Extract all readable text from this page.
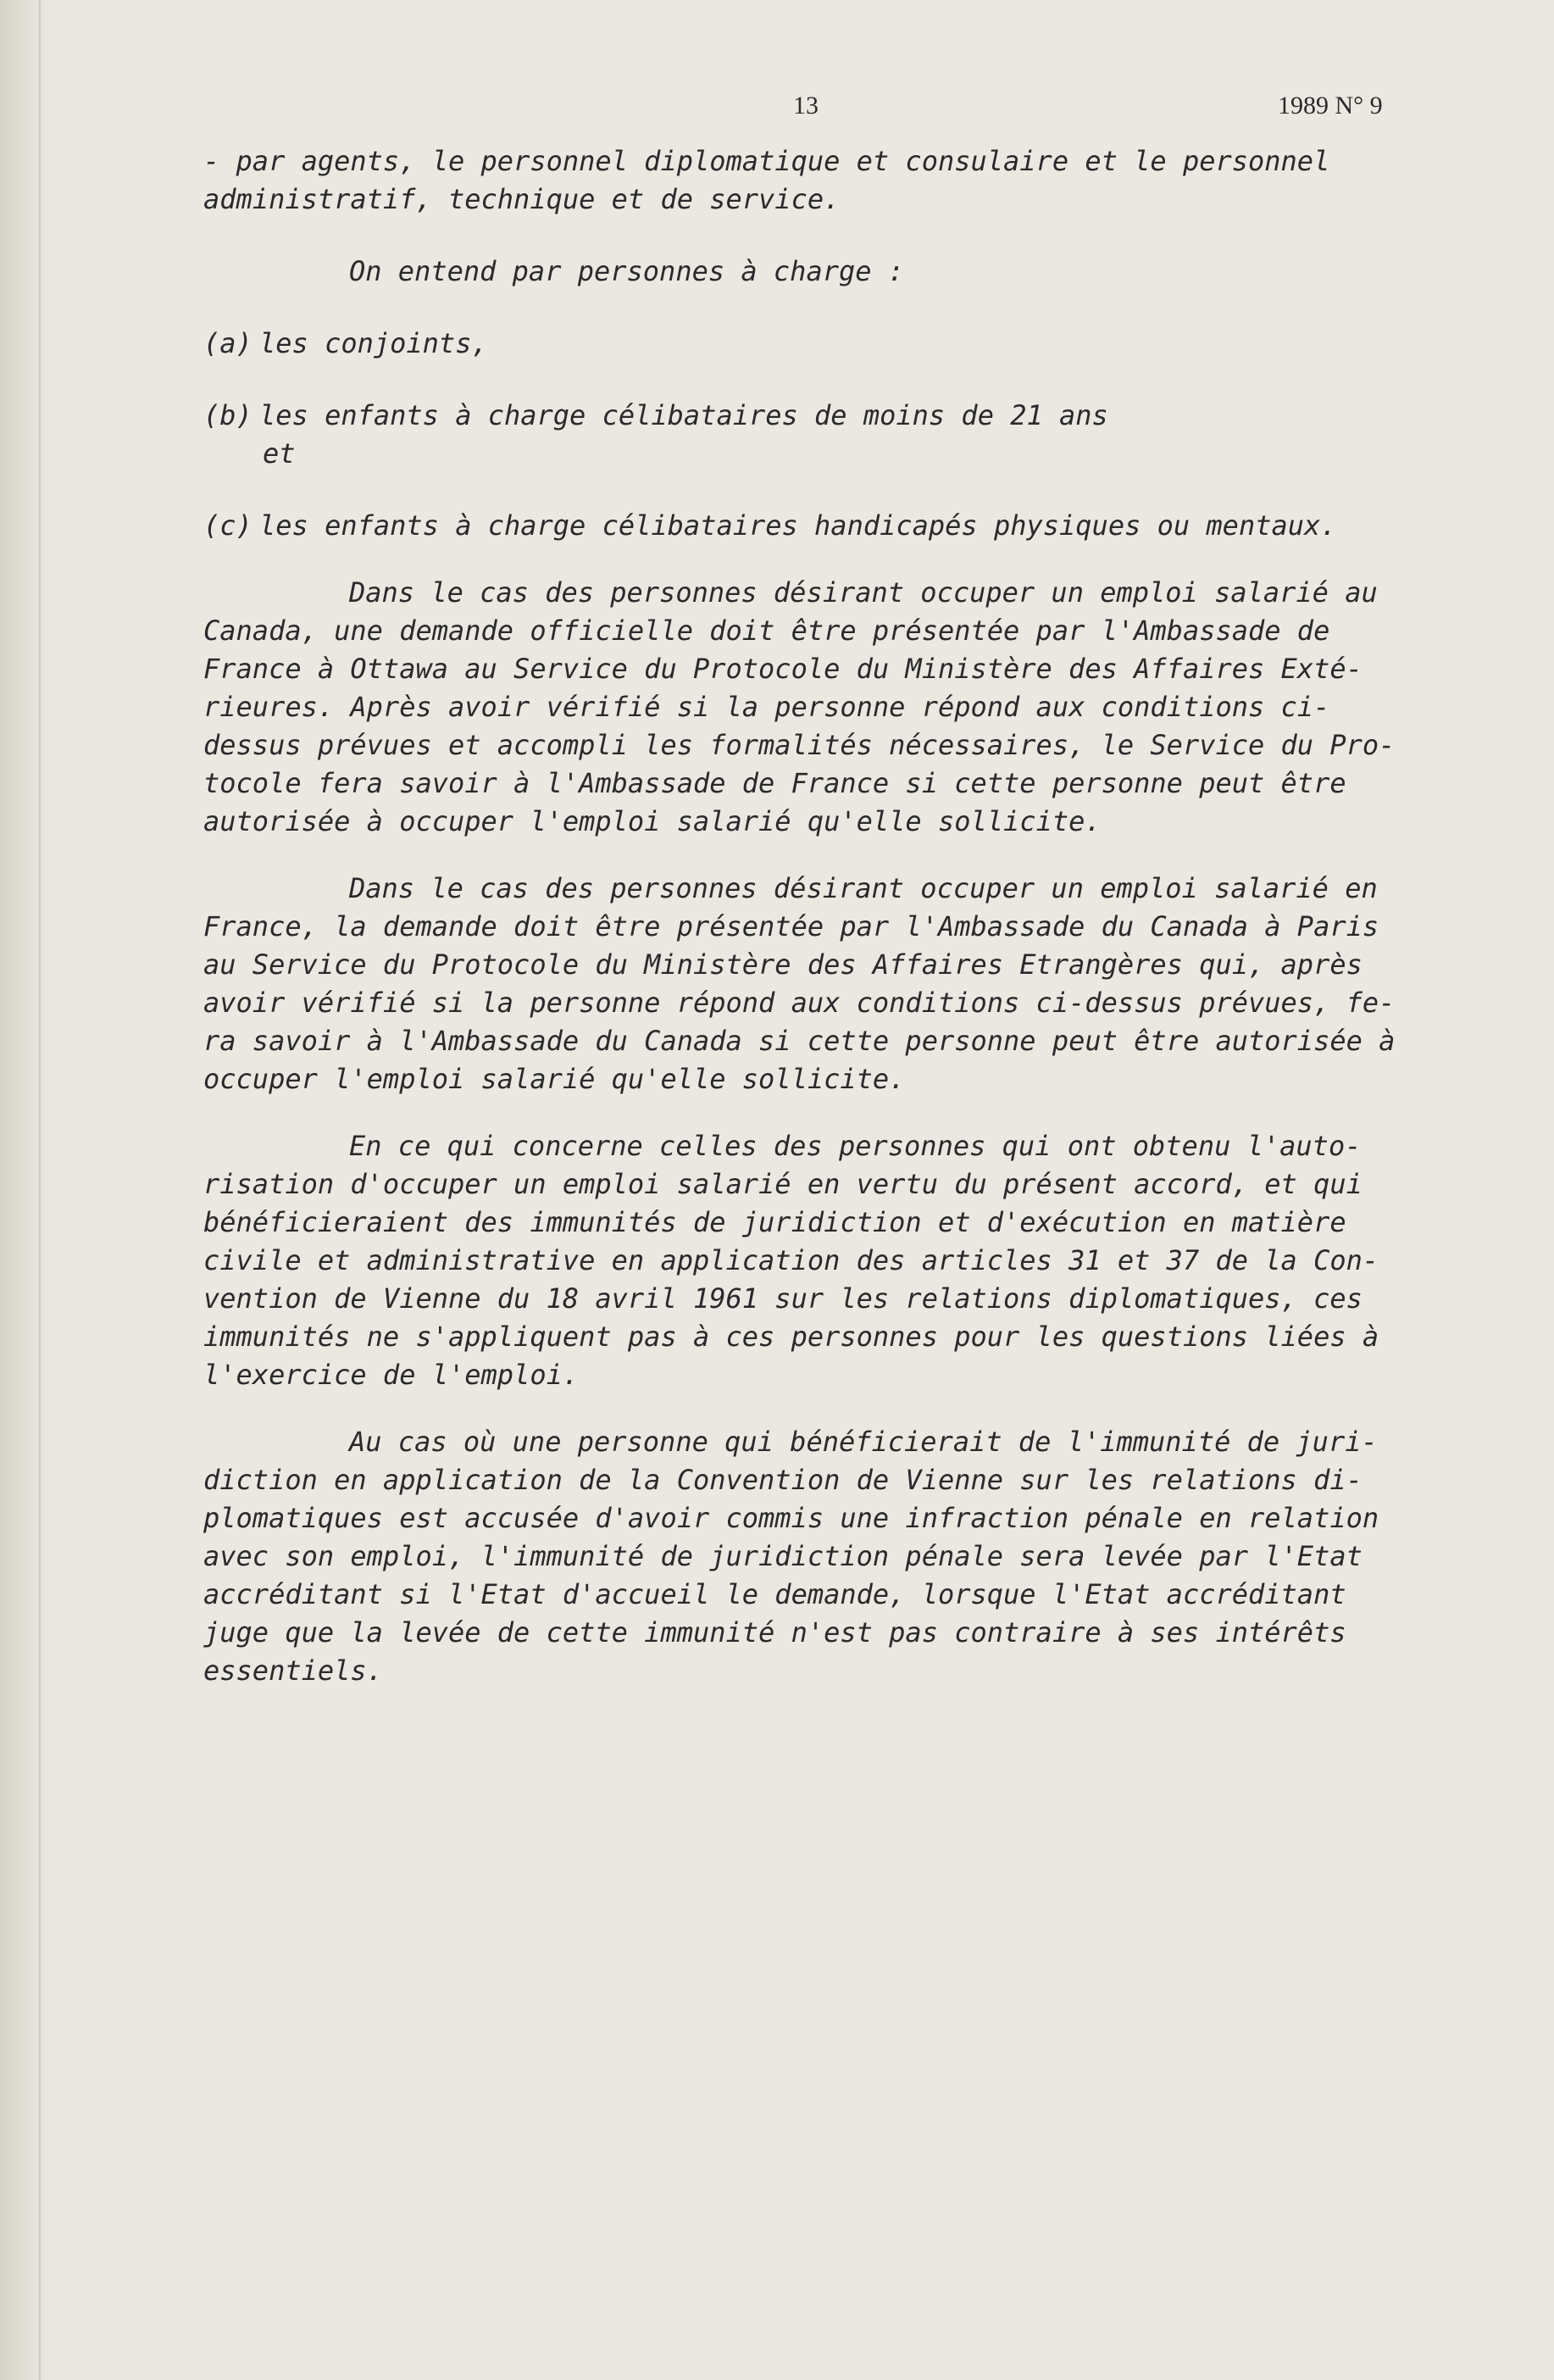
13	1989 N° 9
- par agents, le personnel diplomatique et consulaire et le personnel
administratif, technique et de service.
On entend par personnes à charge :
(a) les conjoints,
(b) les enfants à charge célibataires de moins de 21 ans
et
(c) les enfants à charge célibataires handicapés physiques ou mentaux.
Dans le cas des personnes désirant occuper un emploi salarié au
Canada, une demande officielle doit être présentée par l'Ambassade de
France à Ottawa au Service du Protocole du Ministère des Affaires Exté-
rieures. Après avoir vérifié si la personne répond aux conditions ci-
dessus prévues et accompli les formalités nécessaires, le Service du Pro-
tocole fera savoir à l'Ambassade de France si cette personne peut être
autorisée à occuper l'emploi salarié qu'elle sollicite.
Dans le cas des personnes désirant occuper un emploi salarié en
France, la demande doit être présentée par l'Ambassade du Canada à Paris
au Service du Protocole du Ministère des Affaires Etrangères qui, après
avoir vérifié si la personne répond aux conditions ci-dessus prévues, fe-
ra savoir à l'Ambassade du Canada si cette personne peut être autorisée à
occuper l'emploi salarié qu'elle sollicite.
En ce qui concerne celles des personnes qui ont obtenu l'auto-
risation d'occuper un emploi salarié en vertu du présent accord, et qui
bénéficieraient des immunités de juridiction et d'exécution en matière
civile et administrative en application des articles 31 et 37 de la Con-
vention de Vienne du 18 avril 1961 sur les relations diplomatiques, ces
immunités ne s'appliquent pas à ces personnes pour les questions liées à
l'exercice de l'emploi.
Au cas où une personne qui bénéficierait de l'immunité de juri-
diction en application de la Convention de Vienne sur les relations di-
plomatiques est accusée d'avoir commis une infraction pénale en relation
avec son emploi, l'immunité de juridiction pénale sera levée par l'Etat
accréditant si l'Etat d'accueil le demande, lorsque l'Etat accréditant
juge que la levée de cette immunité n'est pas contraire à ses intérêts
essentiels.
